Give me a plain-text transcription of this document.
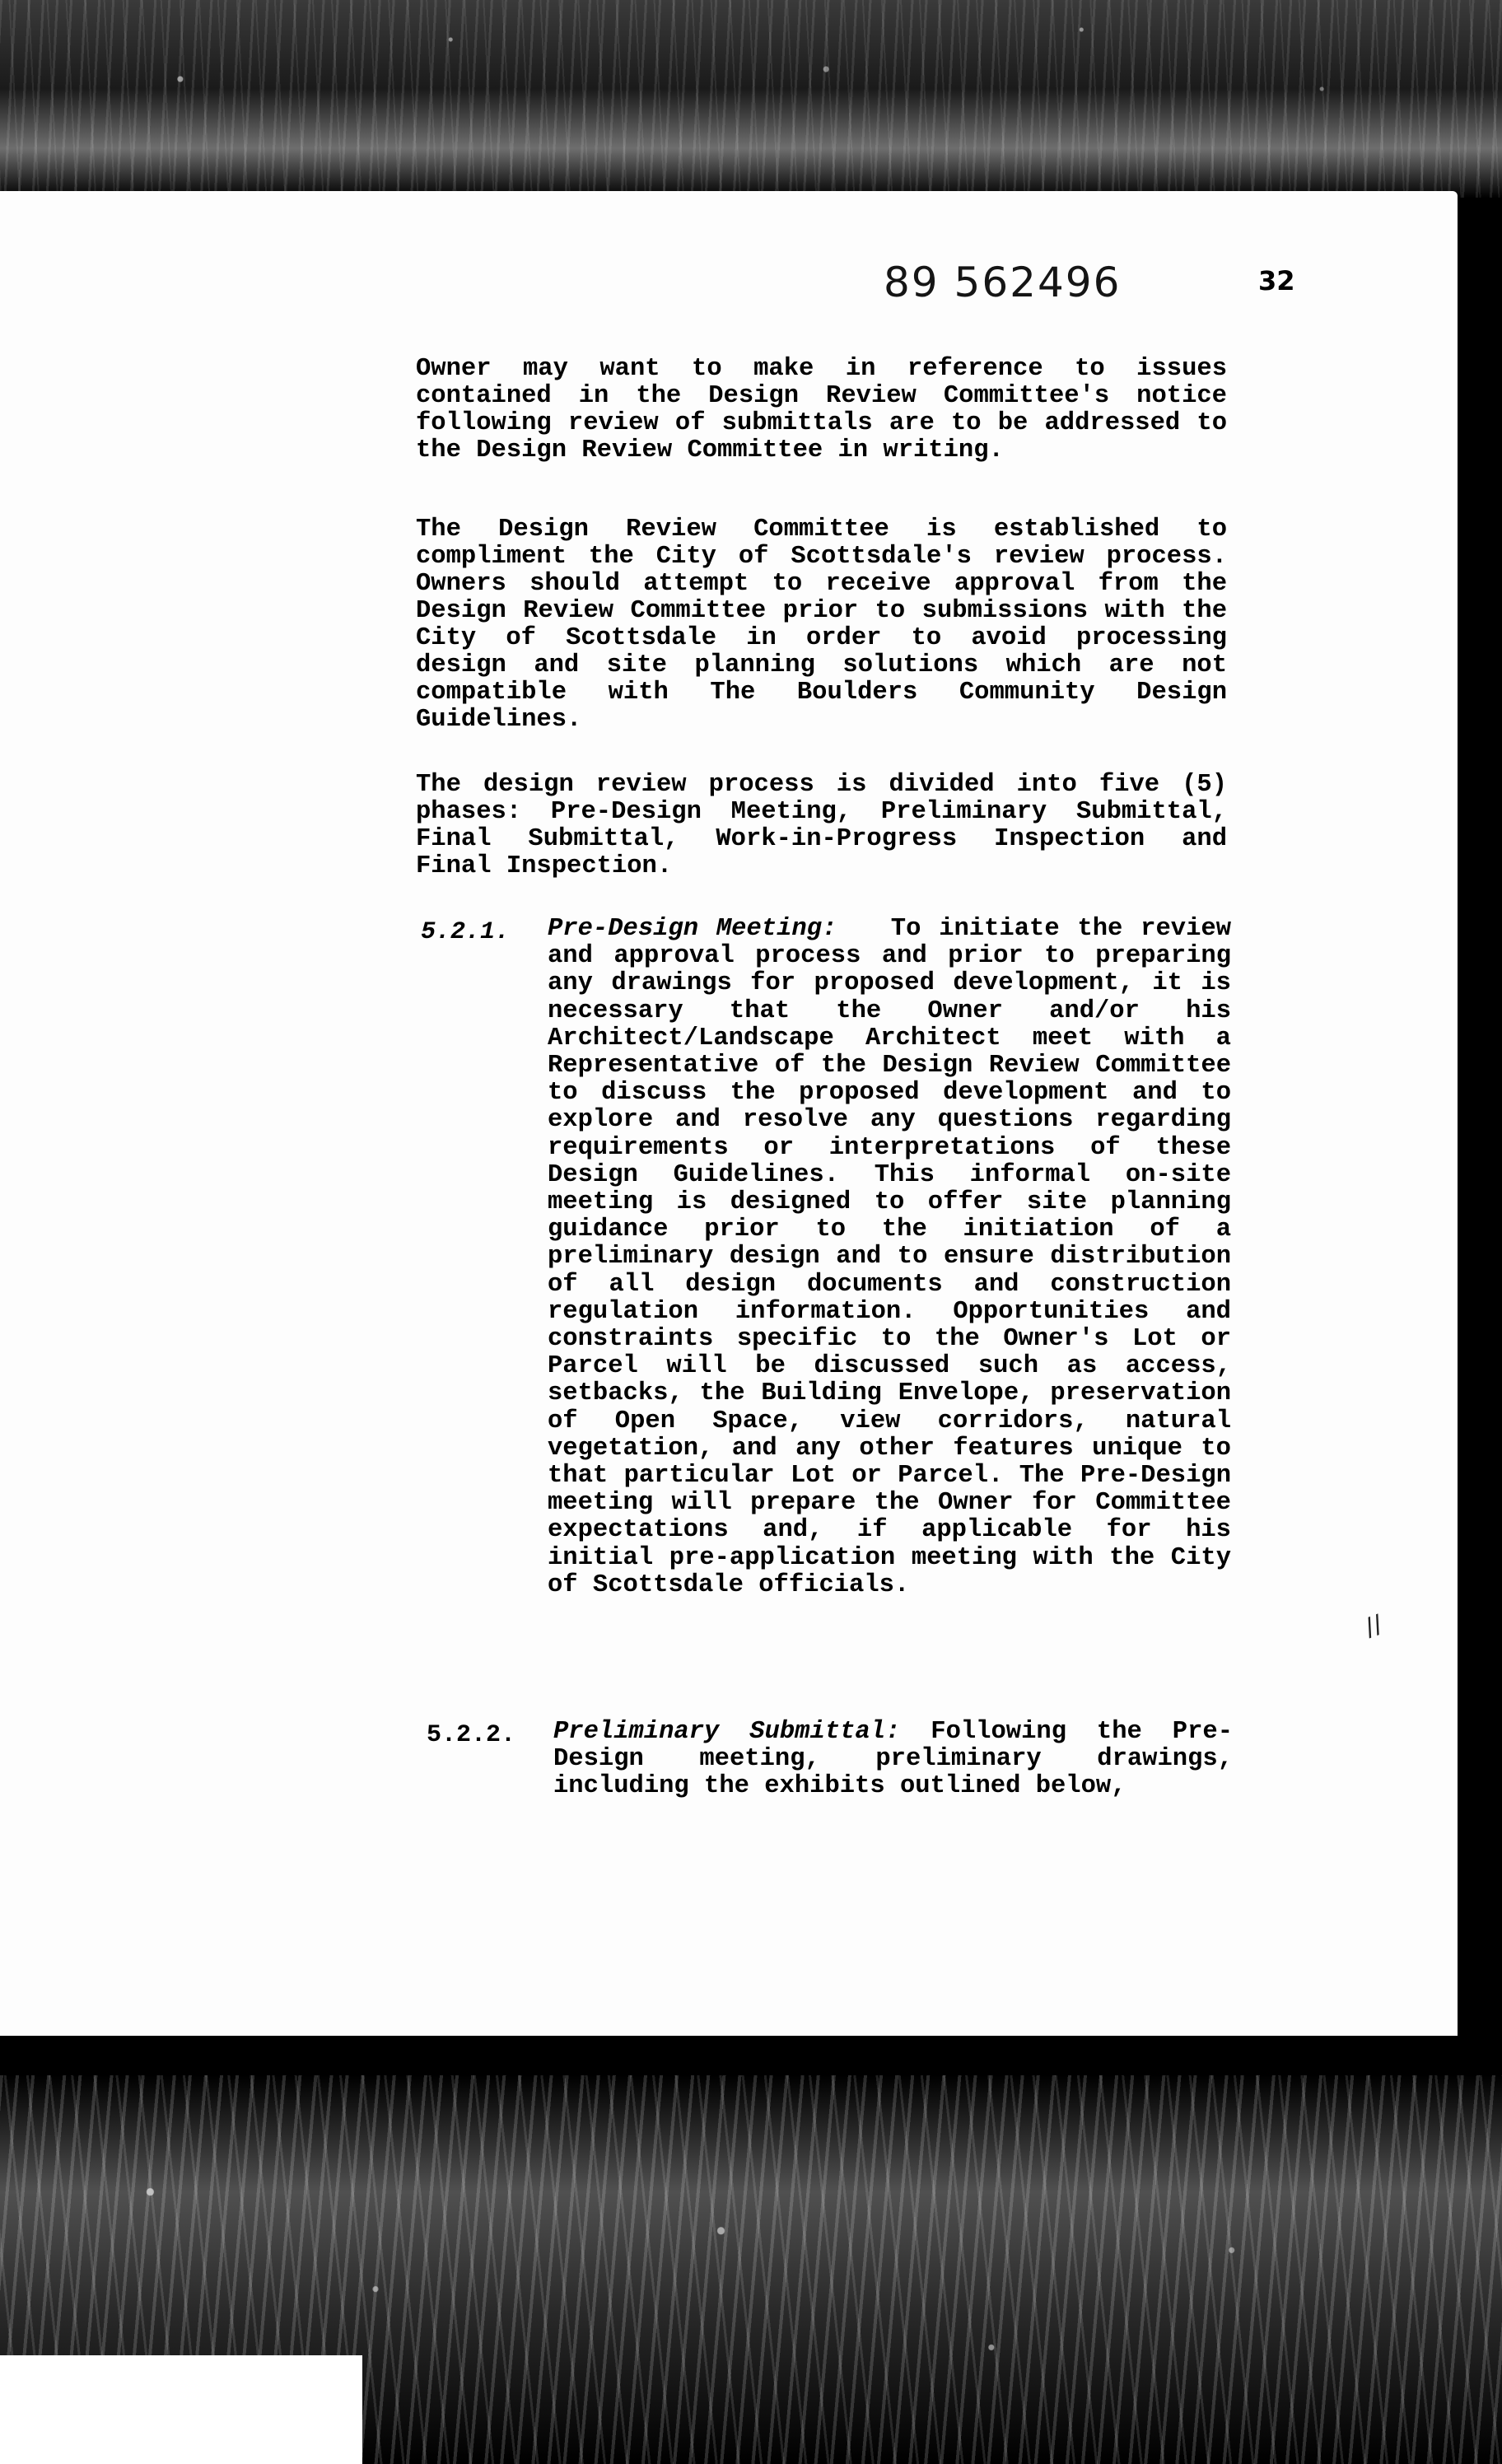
89 562496	32

Owner may want to make in reference to issues contained in the Design Review Committee's notice following review of submittals are to be addressed to the Design Review Committee in writing.

The Design Review Committee is established to compliment the City of Scottsdale's review process. Owners should attempt to receive approval from the Design Review Committee prior to submissions with the City of Scottsdale in order to avoid processing design and site planning solutions which are not compatible with The Boulders Community Design Guidelines.

The design review process is divided into five (5) phases: Pre-Design Meeting, Preliminary Submittal, Final Submittal, Work-in-Progress Inspection and Final Inspection.

5.2.1. Pre-Design Meeting: To initiate the review and approval process and prior to preparing any drawings for proposed development, it is necessary that the Owner and/or his Architect/Landscape Architect meet with a Representative of the Design Review Committee to discuss the proposed development and to explore and resolve any questions regarding requirements or interpretations of these Design Guidelines. This informal on-site meeting is designed to offer site planning guidance prior to the initiation of a preliminary design and to ensure distribution of all design documents and construction regulation information. Opportunities and constraints specific to the Owner's Lot or Parcel will be discussed such as access, setbacks, the Building Envelope, preservation of Open Space, view corridors, natural vegetation, and any other features unique to that particular Lot or Parcel. The Pre-Design meeting will prepare the Owner for Committee expectations and, if applicable for his initial pre-application meeting with the City of Scottsdale officials.

5.2.2. Preliminary Submittal: Following the Pre-Design meeting, preliminary drawings, including the exhibits outlined below,

//
